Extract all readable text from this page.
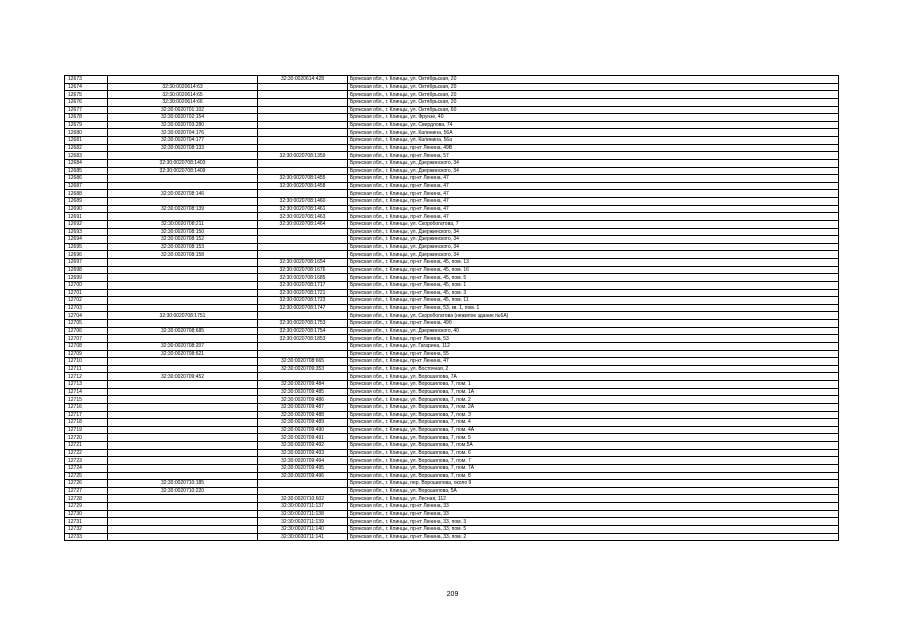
12673		32:30:0020614:428	Брянская обл., г. Клинцы, ул. Октябрьская, 20
12674	32:30:0020614:63		Брянская обл., г. Клинцы, ул. Октябрьская, 20
12675	32:30:0020614:65		Брянская обл., г. Клинцы, ул. Октябрьская, 20
12676	32:30:0020614:66		Брянская обл., г. Клинцы, ул. Октябрьская, 20
12677	32:30:0020701:102		Брянская обл., г. Клинцы, ул. Октябрьская, 60
12678	32:30:0020702:154		Брянская обл., г. Клинцы, ул. Фрунзе, 40
12679	32:30:0020703:280		Брянская обл., г. Клинцы, ул. Свердлова, 74
12680	32:30:0020704:176		Брянская обл., г. Клинцы, ул. Калинина, 56А
12681	32:30:0020704:177		Брянская обл., г. Клинцы, ул. Калинина, 56а
12682	32:30:0020708:133		Брянская обл., г. Клинцы, пр-кт Ленина, 49В
12683		32:30:0020708:1359	Брянская обл., г. Клинцы, пр-кт Ленина, 57
12684	32:30:0020708:1403		Брянская обл., г. Клинцы, ул. Дзержинского, 34
12685	32:30:0020708:1409		Брянская обл., г. Клинцы, ул. Дзержинского, 34
12686		32:30:0020708:1455	Брянская обл., г. Клинцы, пр-кт Ленина, 47
12687		32:30:0020708:1458	Брянская обл., г. Клинцы, пр-кт Ленина, 47
12688	32:30:0020708:146		Брянская обл., г. Клинцы, пр-кт Ленина, 47
12689		32:30:0020708:1460	Брянская обл., г. Клинцы, пр-кт Ленина, 47
12690	32:30:0020708:139	32:30:0020708:1461	Брянская обл., г. Клинцы, пр-кт Ленина, 47
12691		32:30:0020708:1463	Брянская обл., г. Клинцы, пр-кт Ленина, 47
12692	32:30:0020708:211	32:30:0020708:1464	Брянская обл., г. Клинцы, ул. Скоробогатова, 7
12693	32:30:0020708:150		Брянская обл., г. Клинцы, ул. Дзержинского, 34
12694	32:30:0020708:152		Брянская обл., г. Клинцы, ул. Дзержинского, 34
12695	32:30:0020708:153		Брянская обл., г. Клинцы, ул. Дзержинского, 34
12696	32:30:0020708:158		Брянская обл., г. Клинцы, ул. Дзержинского, 34
12697		32:30:0020708:1654	Брянская обл., г. Клинцы, пр-кт Ленина, 45, пом. 13
12698		32:30:0020708:1676	Брянская обл., г. Клинцы, пр-кт Ленина, 45, пом. 16
12699		32:30:0020708:1685	Брянская обл., г. Клинцы, пр-кт Ленина, 45, пом. 5
12700		32:30:0020708:1717	Брянская обл., г. Клинцы, пр-кт Ленина, 45, пом. 1
12701		32:30:0020708:1721	Брянская обл., г. Клинцы, пр-кт Ленина, 45, пом. 3
12702		32:30:0020708:1723	Брянская обл., г. Клинцы, пр-кт Ленина, 45, пом. 11
12703		32:30:0020708:1747	Брянская обл., г. Клинцы, пр-кт Ленина, 53, кв. 1, пом. 1
12704	32:30:0020708:1751		Брянская обл., г. Клинцы, ул. Скоробогатова (нежилое здание №6А)
12705		32:30:0020708:1753	Брянская обл., г. Клинцы, пр-кт Ленина, 49б
12706	32:30:0020708:685	32:30:0020708:1754	Брянская обл., г. Клинцы, ул. Дзержинского, 40
12707		32:30:0020708:1853	Брянская обл., г. Клинцы, пр-кт Ленина, 53
12708	32:30:0020708:207		Брянская обл., г. Клинцы, ул. Гагарина, 112
12709	32:30:0020708:621		Брянская обл., г. Клинцы, пр-кт Ленина, 55
12710		32:30:0020708:665	Брянская обл., г. Клинцы, пр-кт Ленина, 47
12711		32:30:0020709:353	Брянская обл., г. Клинцы, ул. Восточная, 2
12712	32:30:0020709:452		Брянская обл., г. Клинцы, ул. Ворошилова, 7А
12713		32:30:0020709:484	Брянская обл., г. Клинцы, ул. Ворошилова, 7, пом. 1
12714		32:30:0020709:485	Брянская обл., г. Клинцы, ул. Ворошилова, 7, пом. 1А
12715		32:30:0020709:486	Брянская обл., г. Клинцы, ул. Ворошилова, 7, пом. 2
12716		32:30:0020709:487	Брянская обл., г. Клинцы, ул. Ворошилова, 7, пом. 2А
12717		32:30:0020709:488	Брянская обл., г. Клинцы, ул. Ворошилова, 7, пом. 3
12718		32:30:0020709:489	Брянская обл., г. Клинцы, ул. Ворошилова, 7, пом. 4
12719		32:30:0020709:490	Брянская обл., г. Клинцы, ул. Ворошилова, 7, пом. 4А
12720		32:30:0020709:491	Брянская обл., г. Клинцы, ул. Ворошилова, 7, пом. 5
12721		32:30:0020709:492	Брянская обл., г. Клинцы, ул. Ворошилова, 7, пом.5А
12722		32:30:0020709:493	Брянская обл., г. Клинцы, ул. Ворошилова, 7, пом. 6
12723		32:30:0020709:494	Брянская обл., г. Клинцы, ул. Ворошилова, 7, пом. 7
12724		32:30:0020709:495	Брянская обл., г. Клинцы, ул. Ворошилова, 7, пом. 7А
12725		32:30:0020709:496	Брянская обл., г. Клинцы, ул. Ворошилова, 7, пом. 8
12726	32:30:0020710:185		Брянская обл., г. Клинцы, пер. Ворошилова, около 9
12727	32:30:0020710:220		Брянская обл., г. Клинцы, ул. Ворошилова, 5А
12728		32:30:0020710:602	Брянская обл., г. Клинцы, ул. Лесная, 112
12729		32:30:0020711:137	Брянская обл., г. Клинцы, пр-кт Ленина, 33
12730		32:30:0020711:138	Брянская обл., г. Клинцы, пр-кт Ленина, 33
12731		32:30:0020711:139	Брянская обл., г. Клинцы, пр-кт Ленина, 33, пом. 3
12732		32:30:0020711:140	Брянская обл., г. Клинцы, пр-кт Ленина, 33, пом. 5
12733		32:30:0020711:141	Брянская обл., г. Клинцы, пр-кт Ленина, 33, пом. 2
209
